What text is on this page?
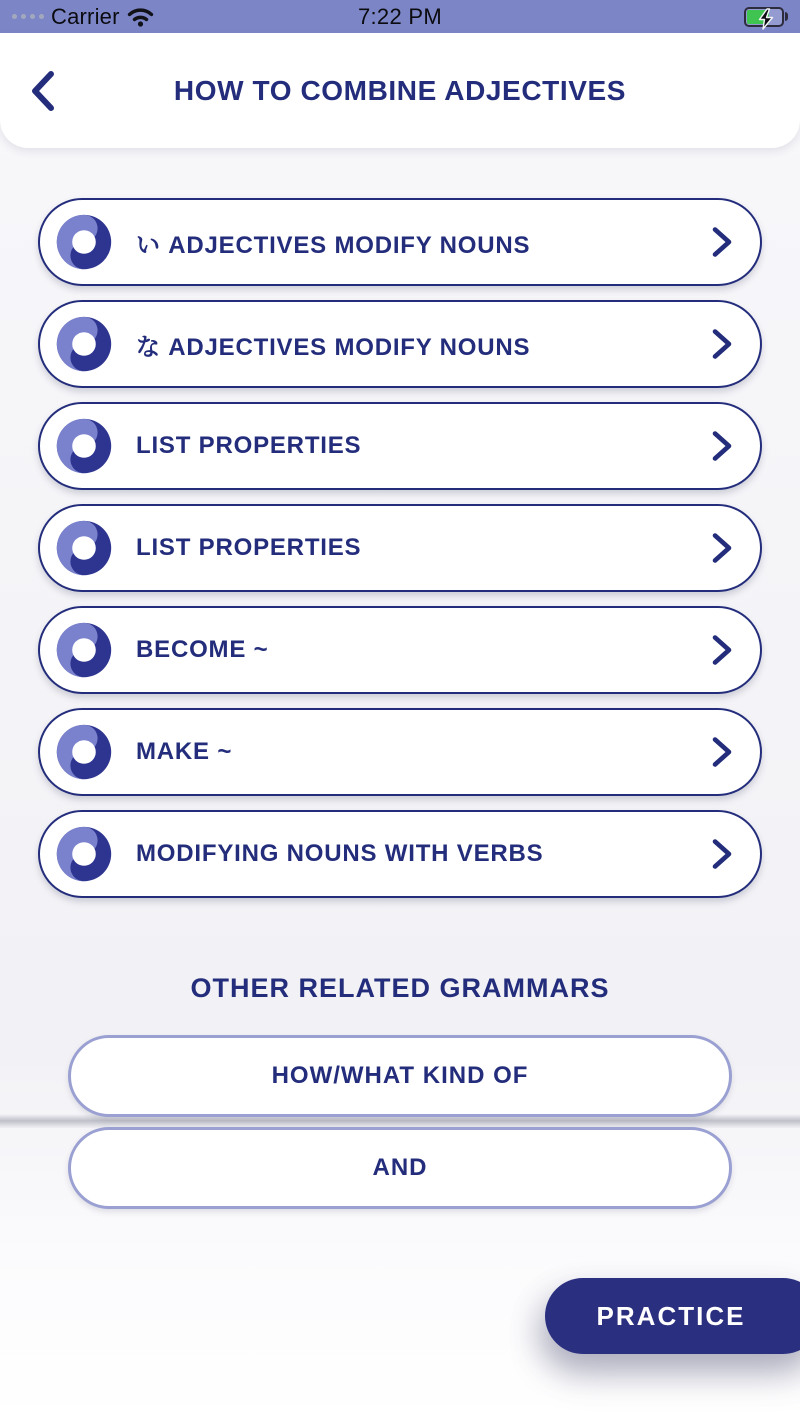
Carrier	7:22 PM
HOW TO COMBINE ADJECTIVES
い ADJECTIVES MODIFY NOUNS
な ADJECTIVES MODIFY NOUNS
LIST PROPERTIES
LIST PROPERTIES
BECOME ~
MAKE ~
MODIFYING NOUNS WITH VERBS
OTHER RELATED GRAMMARS
HOW/WHAT KIND OF
AND
PRACTICE
